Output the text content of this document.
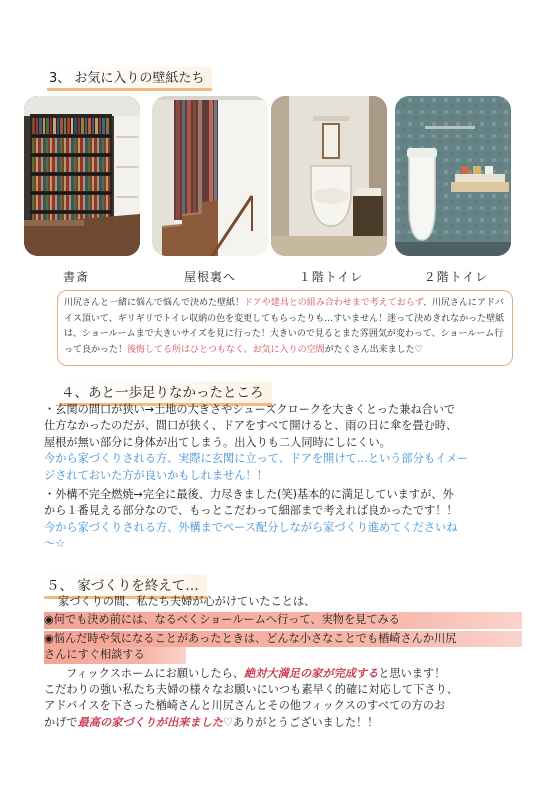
3、 お気に入りの壁紙たち
書斎	屋根裏へ	１階トイレ	２階トイレ
川尻さんと一緒に悩んで悩んで決めた壁紙！ドアや建具との組み合わせまで考えておらず、川尻さんにアドバイス頂いて、ギリギリでトイレ収納の色を変更してもらったりも…すいません！迷って決めきれなかった壁紙は、ショールームまで大きいサイズを見に行った！大きいので見るとまた雰囲気が変わって、ショールーム行って良かった！後悔してる所はひとつもなく、お気に入りの空間がたくさん出来ました♡
４、あと一歩足りなかったところ
・玄関の間口が狭い→土地の大きさやシューズクロークを大きくとった兼ね合いで
仕方なかったのだが、間口が狭く、ドアをすべて開けると、雨の日に傘を畳む時、
屋根が無い部分に身体が出てしまう。出入りも二人同時にしにくい。
今から家づくりされる方、実際に玄関に立って、ドアを開けて…という部分もイメー
ジされておいた方が良いかもしれません！！
・外構不完全燃焼→完全に最後、力尽きました(笑)基本的に満足していますが、外
から１番見える部分なので、もっとこだわって細部まで考えれば良かったです！！
今から家づくりされる方、外構までペース配分しながら家づくり進めてくださいね
〜☆
５、 家づくりを終えて…
家づくりの間、私たち夫婦が心がけていたことは、
◉何でも決め前には、なるべくショールームへ行って、実物を見てみる
◉悩んだ時や気になることがあったときは、どんな小さなことでも楢崎さんか川尻
さんにすぐ相談する
フィックスホームにお願いしたら、絶対大満足の家が完成すると思います！
こだわりの強い私たち夫婦の様々なお願いにいつも素早く的確に対応して下さり、
アドバイスを下さった楢崎さんと川尻さんとその他フィックスのすべての方のお
かげで最高の家づくりが出来ました♡ありがとうございました！！
